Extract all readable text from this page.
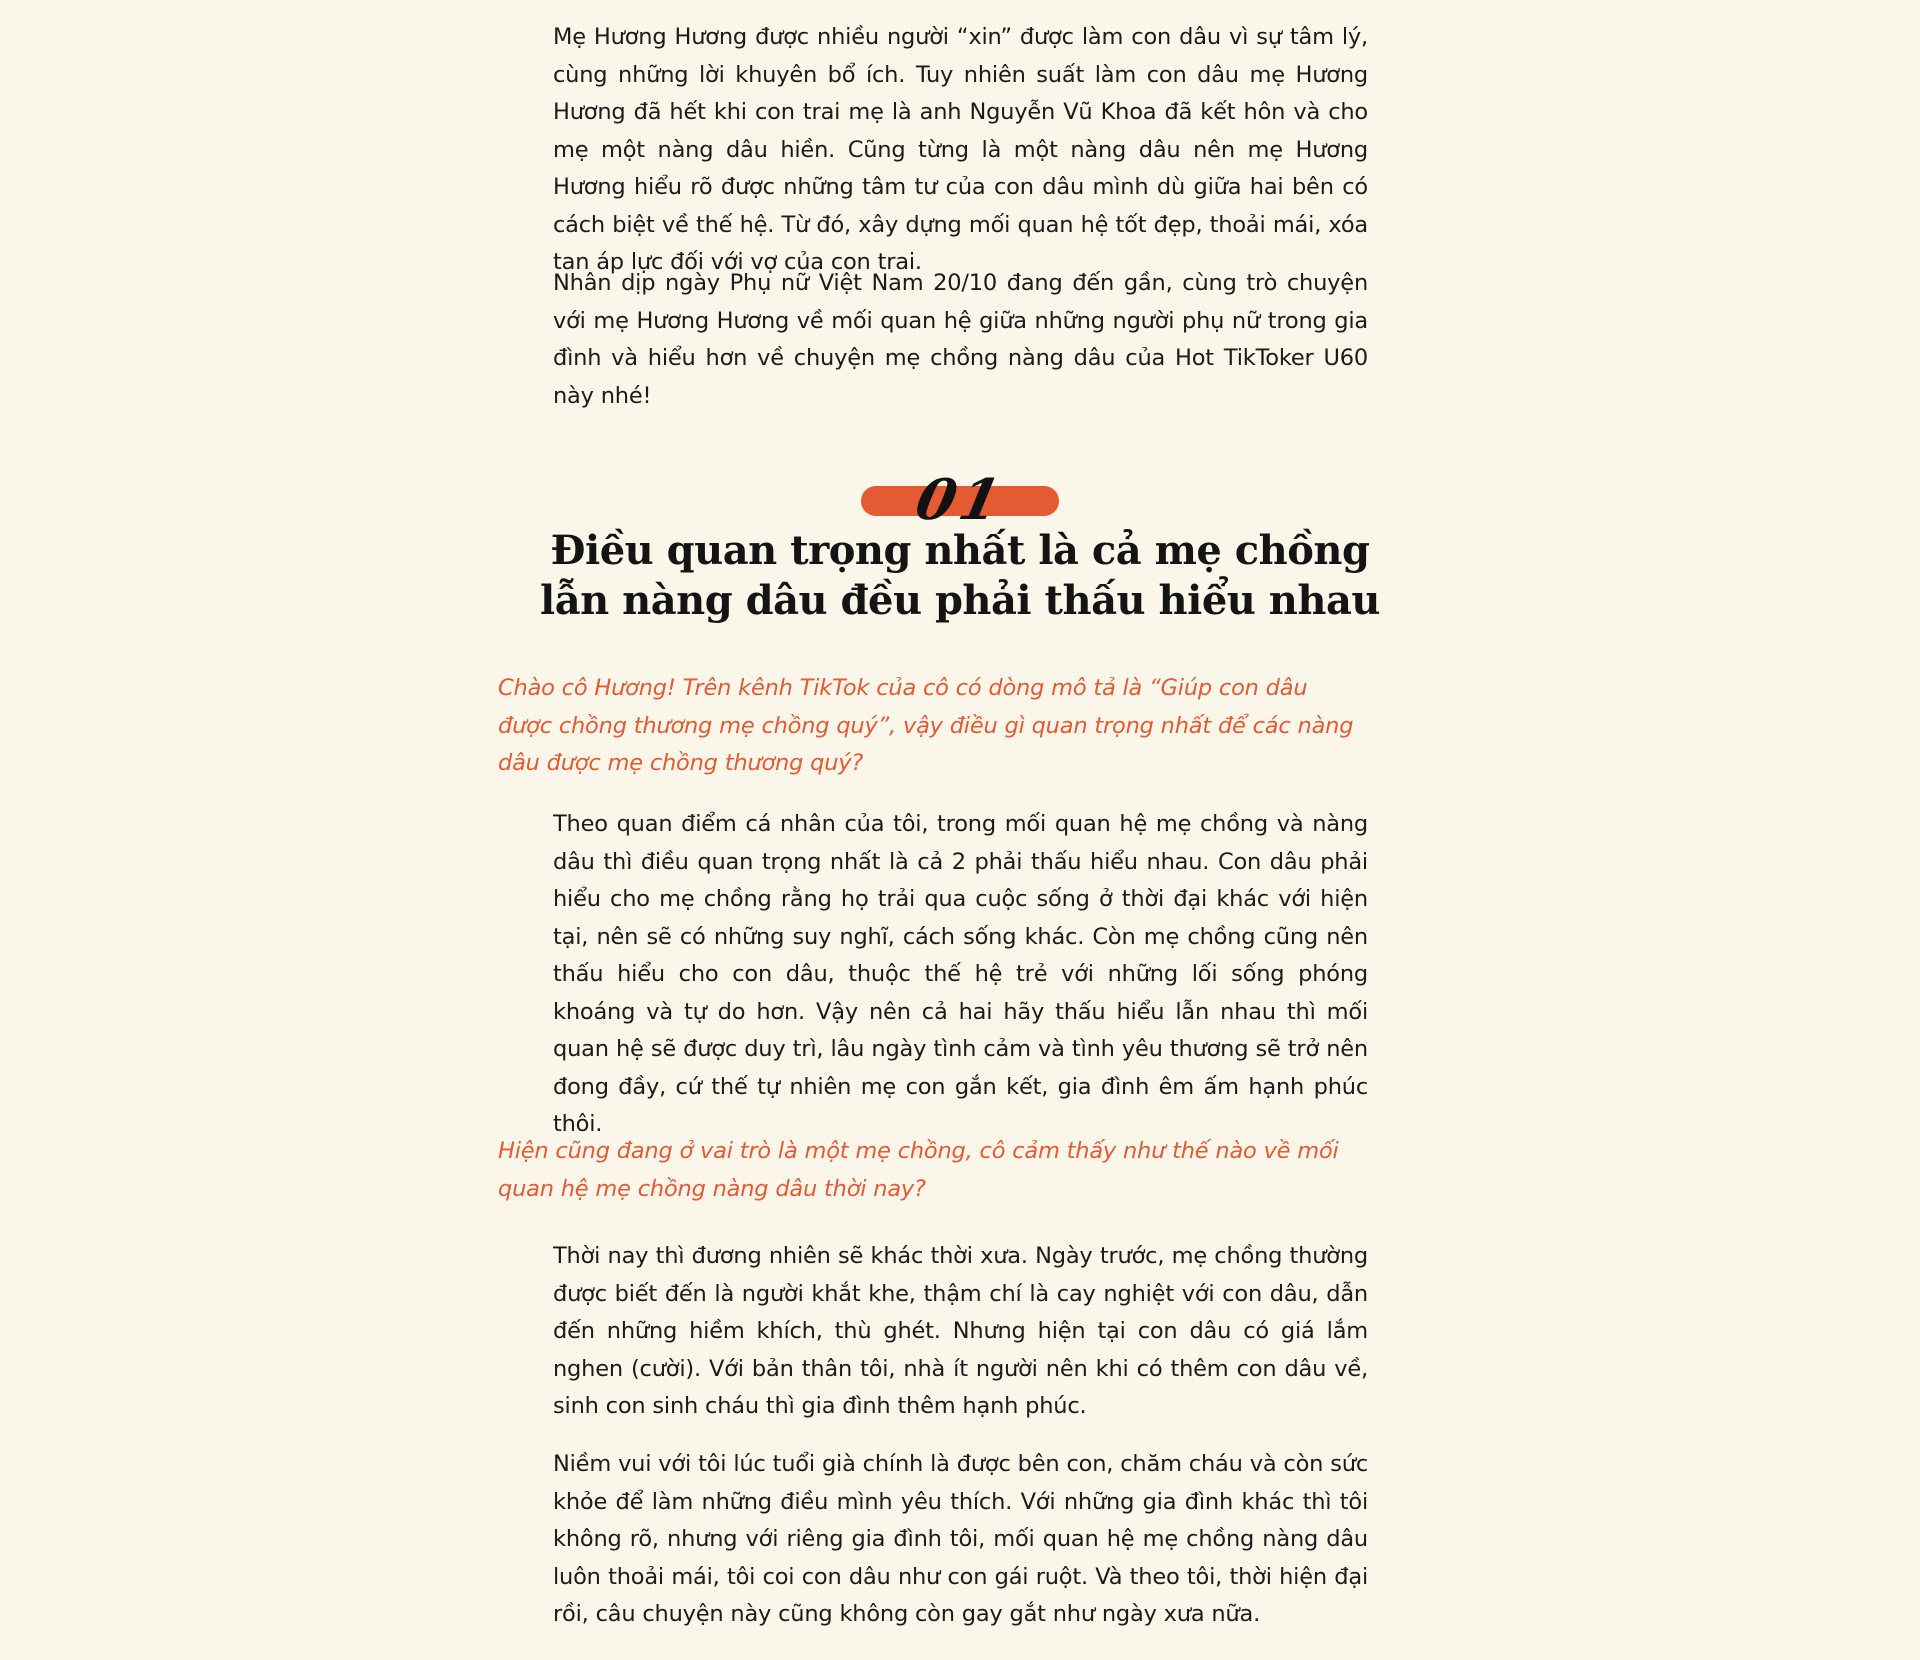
Mẹ Hương Hương được nhiều người “xin” được làm con dâu vì sự tâm lý, cùng những lời khuyên bổ ích. Tuy nhiên suất làm con dâu mẹ Hương Hương đã hết khi con trai mẹ là anh Nguyễn Vũ Khoa đã kết hôn và cho mẹ một nàng dâu hiền. Cũng từng là một nàng dâu nên mẹ Hương Hương hiểu rõ được những tâm tư của con dâu mình dù giữa hai bên có cách biệt về thế hệ. Từ đó, xây dựng mối quan hệ tốt đẹp, thoải mái, xóa tan áp lực đối với vợ của con trai.

Nhân dịp ngày Phụ nữ Việt Nam 20/10 đang đến gần, cùng trò chuyện với mẹ Hương Hương về mối quan hệ giữa những người phụ nữ trong gia đình và hiểu hơn về chuyện mẹ chồng nàng dâu của Hot TikToker U60 này nhé!

01
Điều quan trọng nhất là cả mẹ chồng
lẫn nàng dâu đều phải thấu hiểu nhau

Chào cô Hương! Trên kênh TikTok của cô có dòng mô tả là “Giúp con dâu được chồng thương mẹ chồng quý”, vậy điều gì quan trọng nhất để các nàng dâu được mẹ chồng thương quý?

Theo quan điểm cá nhân của tôi, trong mối quan hệ mẹ chồng và nàng dâu thì điều quan trọng nhất là cả 2 phải thấu hiểu nhau. Con dâu phải hiểu cho mẹ chồng rằng họ trải qua cuộc sống ở thời đại khác với hiện tại, nên sẽ có những suy nghĩ, cách sống khác. Còn mẹ chồng cũng nên thấu hiểu cho con dâu, thuộc thế hệ trẻ với những lối sống phóng khoáng và tự do hơn. Vậy nên cả hai hãy thấu hiểu lẫn nhau thì mối quan hệ sẽ được duy trì, lâu ngày tình cảm và tình yêu thương sẽ trở nên đong đầy, cứ thế tự nhiên mẹ con gắn kết, gia đình êm ấm hạnh phúc thôi.

Hiện cũng đang ở vai trò là một mẹ chồng, cô cảm thấy như thế nào về mối quan hệ mẹ chồng nàng dâu thời nay?

Thời nay thì đương nhiên sẽ khác thời xưa. Ngày trước, mẹ chồng thường được biết đến là người khắt khe, thậm chí là cay nghiệt với con dâu, dẫn đến những hiềm khích, thù ghét. Nhưng hiện tại con dâu có giá lắm nghen (cười). Với bản thân tôi, nhà ít người nên khi có thêm con dâu về, sinh con sinh cháu thì gia đình thêm hạnh phúc.

Niềm vui với tôi lúc tuổi già chính là được bên con, chăm cháu và còn sức khỏe để làm những điều mình yêu thích. Với những gia đình khác thì tôi không rõ, nhưng với riêng gia đình tôi, mối quan hệ mẹ chồng nàng dâu luôn thoải mái, tôi coi con dâu như con gái ruột. Và theo tôi, thời hiện đại rồi, câu chuyện này cũng không còn gay gắt như ngày xưa nữa.
